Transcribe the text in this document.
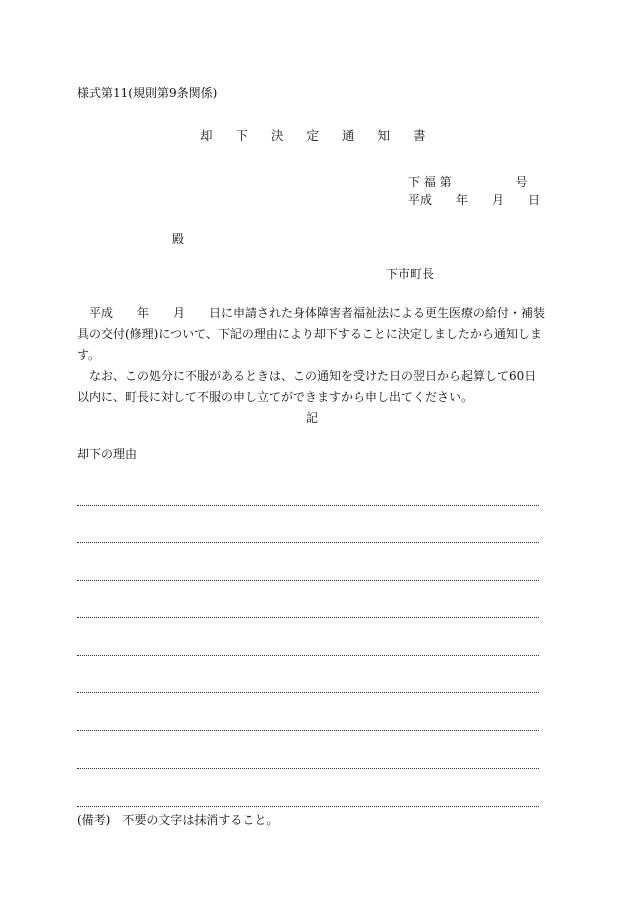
様式第11(規則第9条関係)
却下決定通知書
下 福 第　　　　　 号
平成　　年　　月　　日
殿
下市町長

　平成　　年　　月　　日に申請された身体障害者福祉法による更生医療の給付・補装具の交付(修理)について、下記の理由により却下することに決定しましたから通知します。

　なお、この処分に不服があるときは、この通知を受けた日の翌日から起算して60日以内に、町長に対して不服の申し立てができますから申し出てください。

記
却下の理由
(備考)　不要の文字は抹消すること。
